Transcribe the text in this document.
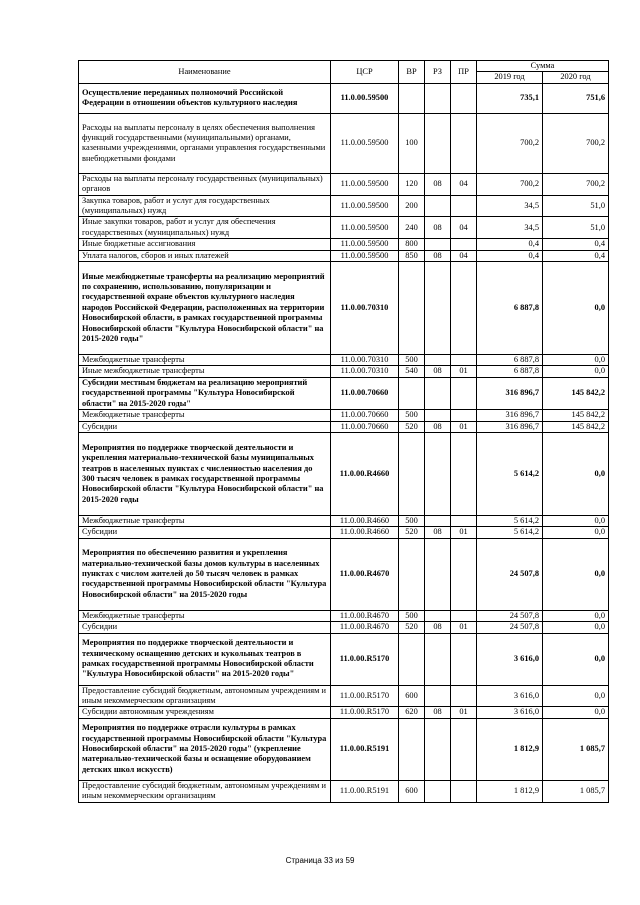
Наименование	ЦСР	ВР	РЗ	ПР	Сумма	
					2019 год	2020 год
Осуществление переданных полномочий Российской Федерации в отношении объектов культурного наследия	11.0.00.59500				735,1	751,6
Расходы на выплаты персоналу в целях обеспечения выполнения функций государственными (муниципальными) органами, казенными учреждениями, органами управления государственными внебюджетными фондами	11.0.00.59500	100			700,2	700,2
Расходы на выплаты персоналу государственных (муниципальных) органов	11.0.00.59500	120	08	04	700,2	700,2
Закупка товаров, работ и услуг для государственных (муниципальных) нужд	11.0.00.59500	200			34,5	51,0
Иные закупки товаров, работ и услуг для обеспечения государственных (муниципальных) нужд	11.0.00.59500	240	08	04	34,5	51,0
Иные бюджетные ассигнования	11.0.00.59500	800			0,4	0,4
Уплата налогов, сборов и иных платежей	11.0.00.59500	850	08	04	0,4	0,4
Иные межбюджетные трансферты на реализацию мероприятий по сохранению, использованию, популяризации и государственной охране объектов культурного наследия народов Российской Федерации, расположенных на территории Новосибирской области, в рамках государственной программы Новосибирской области "Культура Новосибирской области" на 2015-2020 годы"	11.0.00.70310				6 887,8	0,0
Межбюджетные трансферты	11.0.00.70310	500			6 887,8	0,0
Иные межбюджетные трансферты	11.0.00.70310	540	08	01	6 887,8	0,0
Субсидии местным бюджетам на реализацию мероприятий государственной программы "Культура Новосибирской области" на 2015-2020 годы"	11.0.00.70660				316 896,7	145 842,2
Межбюджетные трансферты	11.0.00.70660	500			316 896,7	145 842,2
Субсидии	11.0.00.70660	520	08	01	316 896,7	145 842,2
Мероприятия по поддержке творческой деятельности и укрепления материально-технической базы муниципальных театров в населенных пунктах с численностью населения до 300 тысяч человек в рамках государственной программы Новосибирской области "Культура Новосибирской области" на 2015-2020 годы	11.0.00.R4660				5 614,2	0,0
Межбюджетные трансферты	11.0.00.R4660	500			5 614,2	0,0
Субсидии	11.0.00.R4660	520	08	01	5 614,2	0,0
Мероприятия по обеспечению развития и укрепления материально-технической базы домов культуры в населенных пунктах с числом жителей до 50 тысяч человек в рамках государственной программы Новосибирской области "Культура Новосибирской области" на 2015-2020 годы	11.0.00.R4670				24 507,8	0,0
Межбюджетные трансферты	11.0.00.R4670	500			24 507,8	0,0
Субсидии	11.0.00.R4670	520	08	01	24 507,8	0,0
Мероприятия по поддержке творческой деятельности и техническому оснащению детских и кукольных театров в рамках государственной программы Новосибирской области "Культура Новосибирской области" на 2015-2020 годы"	11.0.00.R5170				3 616,0	0,0
Предоставление субсидий бюджетным, автономным учреждениям и иным некоммерческим организациям	11.0.00.R5170	600			3 616,0	0,0
Субсидии автономным учреждениям	11.0.00.R5170	620	08	01	3 616,0	0,0
Мероприятия по поддержке отрасли культуры в рамках государственной программы Новосибирской области "Культура Новосибирской области" на 2015-2020 годы" (укрепление материально-технической базы и оснащение оборудованием детских школ искусств)	11.0.00.R5191				1 812,9	1 085,7
Предоставление субсидий бюджетным, автономным учреждениям и иным некоммерческим организациям	11.0.00.R5191	600			1 812,9	1 085,7
Страница 33 из 59
